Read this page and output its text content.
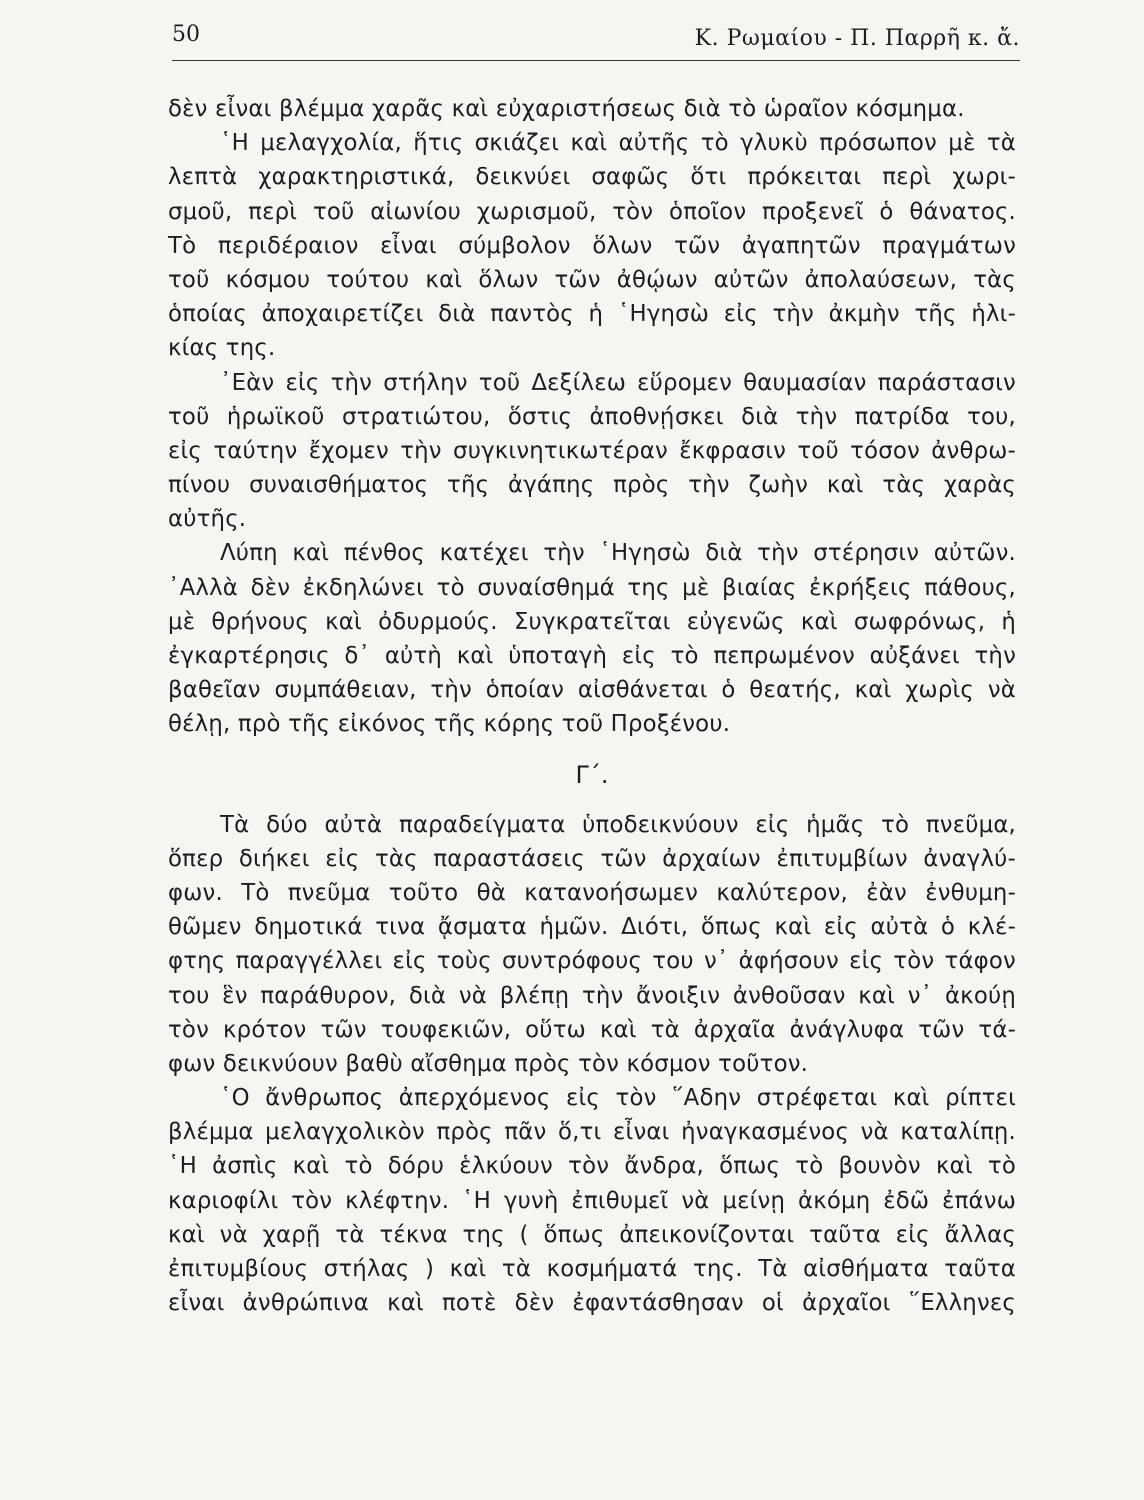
50	Κ. Ρωμαίου - Π. Παρρῆ κ. ἄ.
δὲν εἶναι βλέμμα χαρᾶς καὶ εὐχαριστήσεως διὰ τὸ ὡραῖον κόσμημα.
῾Η μελαγχολία, ἥτις σκιάζει καὶ αὐτῆς τὸ γλυκὺ πρόσωπον μὲ τὰ
λεπτὰ χαρακτηριστικά, δεικνύει σαφῶς ὅτι πρόκειται περὶ χωρι-
σμοῦ, περὶ τοῦ αἰωνίου χωρισμοῦ, τὸν ὁποῖον προξενεῖ ὁ θάνατος.
Τὸ περιδέραιον εἶναι σύμβολον ὅλων τῶν ἀγαπητῶν πραγμάτων
τοῦ κόσμου τούτου καὶ ὅλων τῶν ἀθῴων αὐτῶν ἀπολαύσεων, τὰς
ὁποίας ἀποχαιρετίζει διὰ παντὸς ἡ ῾Ηγησὼ εἰς τὴν ἀκμὴν τῆς ἡλι-
κίας της.
᾿Εὰν εἰς τὴν στήλην τοῦ Δεξίλεω εὕρομεν θαυμασίαν παράστασιν
τοῦ ἡρωϊκοῦ στρατιώτου, ὅστις ἀποθνῄσκει διὰ τὴν πατρίδα του,
εἰς ταύτην ἔχομεν τὴν συγκινητικωτέραν ἔκφρασιν τοῦ τόσον ἀνθρω-
πίνου συναισθήματος τῆς ἀγάπης πρὸς τὴν ζωὴν καὶ τὰς χαρὰς
αὐτῆς.
Λύπη καὶ πένθος κατέχει τὴν ῾Ηγησὼ διὰ τὴν στέρησιν αὐτῶν.
᾿Αλλὰ δὲν ἐκδηλώνει τὸ συναίσθημά της μὲ βιαίας ἐκρήξεις πάθους,
μὲ θρήνους καὶ ὀδυρμούς. Συγκρατεῖται εὐγενῶς καὶ σωφρόνως, ἡ
ἐγκαρτέρησις δ᾿ αὐτὴ καὶ ὑποταγὴ εἰς τὸ πεπρωμένον αὐξάνει τὴν
βαθεῖαν συμπάθειαν, τὴν ὁποίαν αἰσθάνεται ὁ θεατής, καὶ χωρὶς νὰ
θέλῃ, πρὸ τῆς εἰκόνος τῆς κόρης τοῦ Προξένου.
Γ΄.
Τὰ δύο αὐτὰ παραδείγματα ὑποδεικνύουν εἰς ἡμᾶς τὸ πνεῦμα,
ὅπερ διήκει εἰς τὰς παραστάσεις τῶν ἀρχαίων ἐπιτυμβίων ἀναγλύ-
φων. Τὸ πνεῦμα τοῦτο θὰ κατανοήσωμεν καλύτερον, ἐὰν ἐνθυμη-
θῶμεν δημοτικά τινα ᾄσματα ἡμῶν. Διότι, ὅπως καὶ εἰς αὐτὰ ὁ κλέ-
φτης παραγγέλλει εἰς τοὺς συντρόφους του ν᾿ ἀφήσουν εἰς τὸν τάφον
του ἓν παράθυρον, διὰ νὰ βλέπῃ τὴν ἄνοιξιν ἀνθοῦσαν καὶ ν᾿ ἀκούῃ
τὸν κρότον τῶν τουφεκιῶν, οὕτω καὶ τὰ ἀρχαῖα ἀνάγλυφα τῶν τά-
φων δεικνύουν βαθὺ αἴσθημα πρὸς τὸν κόσμον τοῦτον.
῾Ο ἄνθρωπος ἀπερχόμενος εἰς τὸν ῞Αδην στρέφεται καὶ ρίπτει
βλέμμα μελαγχολικὸν πρὸς πᾶν ὅ,τι εἶναι ἠναγκασμένος νὰ καταλίπῃ.
῾Η ἀσπὶς καὶ τὸ δόρυ ἑλκύουν τὸν ἄνδρα, ὅπως τὸ βουνὸν καὶ τὸ
καριοφίλι τὸν κλέφτην. ῾Η γυνὴ ἐπιθυμεῖ νὰ μείνῃ ἀκόμη ἐδῶ ἐπάνω
καὶ νὰ χαρῇ τὰ τέκνα της ( ὅπως ἀπεικονίζονται ταῦτα εἰς ἄλλας
ἐπιτυμβίους στήλας ) καὶ τὰ κοσμήματά της. Τὰ αἰσθήματα ταῦτα
εἶναι ἀνθρώπινα καὶ ποτὲ δὲν ἐφαντάσθησαν οἱ ἀρχαῖοι ῞Ελληνες
